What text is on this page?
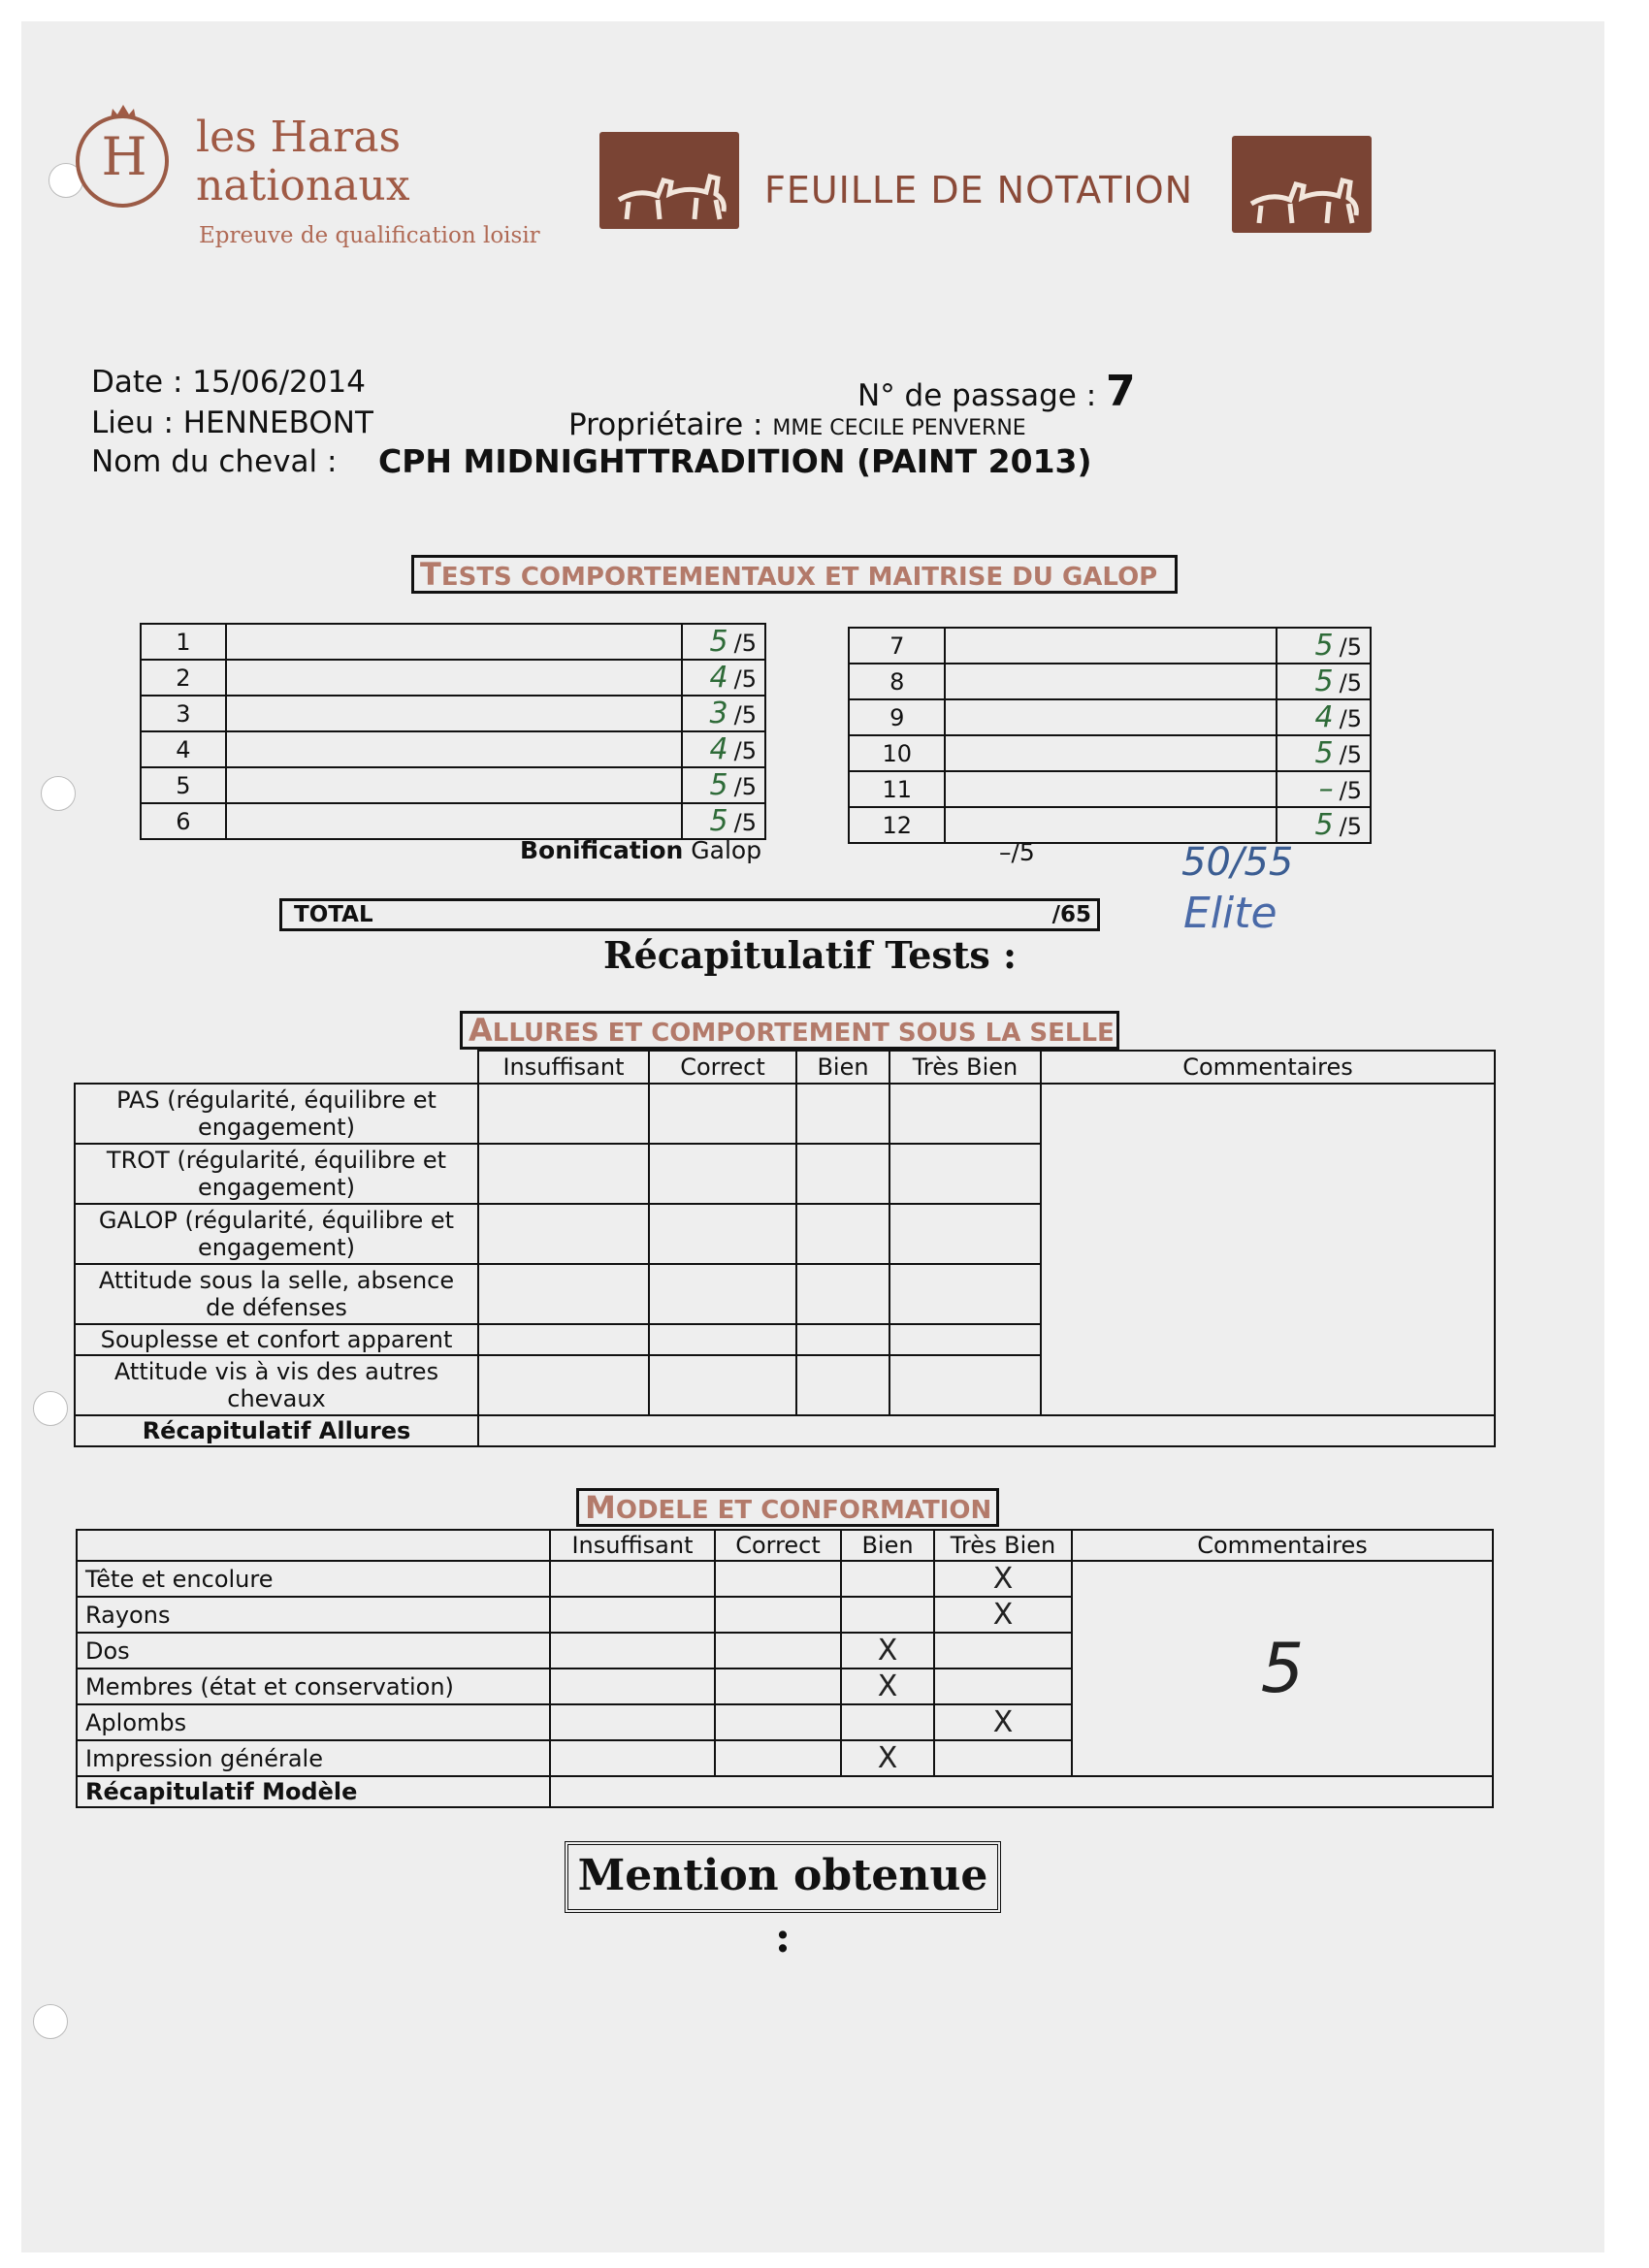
H	les Haras
nationaux
Epreuve de qualification loisir
FEUILLE DE NOTATION
Date : 15/06/2014
Lieu : HENNEBONT
Nom du cheval : CPH MIDNIGHTTRADITION (PAINT 2013)
N° de passage : 7
Propriétaire : MME CECILE PENVERNE
TESTS COMPORTEMENTAUX ET MAITRISE DU GALOP
1		5 /5
2		4 /5
3		3 /5
4		4 /5
5		5 /5
6		5 /5
7		5 /5
8		5 /5
9		4 /5
10		5 /5
11		– /5
12		5 /5
Bonification Galop	–/5	50/55
Elite
TOTAL	/65
Récapitulatif Tests :
ALLURES ET COMPORTEMENT SOUS LA SELLE
	Insuffisant	Correct	Bien	Très Bien	Commentaires

PAS (régularité, équilibre et
engagement)					

TROT (régularité, équilibre et
engagement)					

GALOP (régularité, équilibre et
engagement)					

Attitude sous la selle, absence
de défenses					

Souplesse et confort apparent					

Attitude vis à vis des autres
chevaux					

Récapitulatif Allures					
MODELE ET CONFORMATION
	Insuffisant	Correct	Bien	Très Bien	Commentaires
Tête et encolure				X	5
Rayons				X	
Dos			X		
Membres (état et conservation)			X		
Aplombs				X	
Impression générale			X		
Récapitulatif Modèle					
Mention obtenue :
